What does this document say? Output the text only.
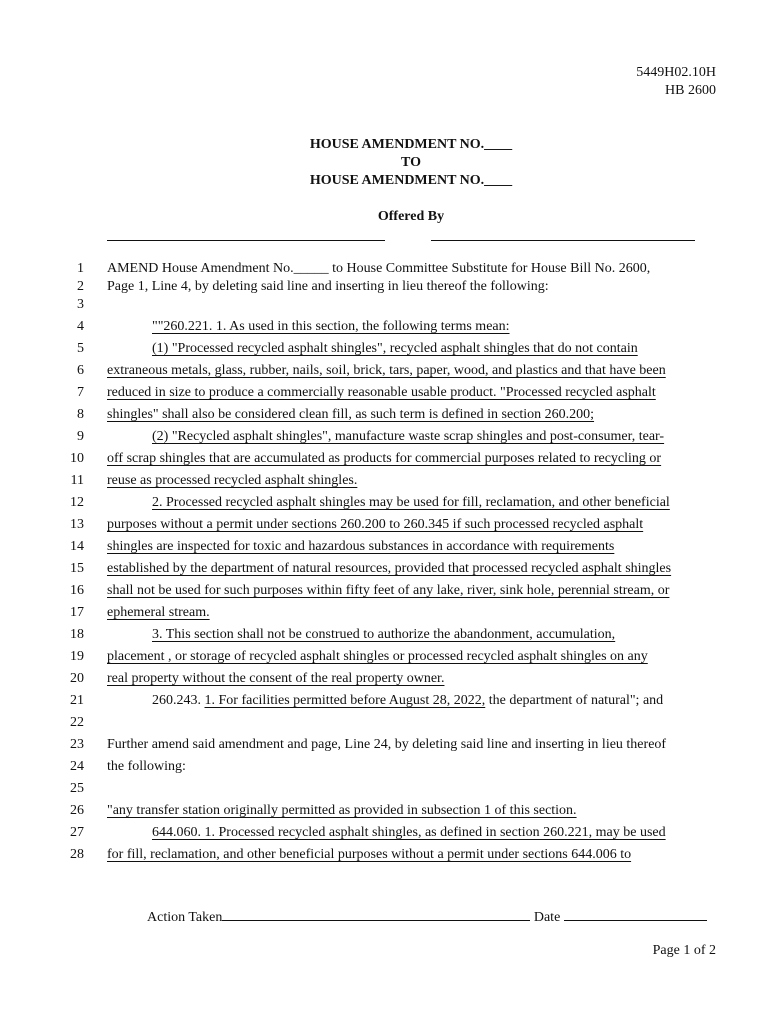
5449H02.10H
HB 2600
HOUSE AMENDMENT NO.____
TO
HOUSE AMENDMENT NO.____
Offered By
1 AMEND House Amendment No._____ to House Committee Substitute for House Bill No. 2600,
2 Page 1, Line 4, by deleting said line and inserting in lieu thereof the following:
3
4	""260.221. 1. As used in this section, the following terms mean:
5	(1) "Processed recycled asphalt shingles", recycled asphalt shingles that do not contain
6 extraneous metals, glass, rubber, nails, soil, brick, tars, paper, wood, and plastics and that have been
7 reduced in size to produce a commercially reasonable usable product. "Processed recycled asphalt
8 shingles" shall also be considered clean fill, as such term is defined in section 260.200;
9	(2) "Recycled asphalt shingles", manufacture waste scrap shingles and post-consumer, tear-
10 off scrap shingles that are accumulated as products for commercial purposes related to recycling or
11 reuse as processed recycled asphalt shingles.
12	2. Processed recycled asphalt shingles may be used for fill, reclamation, and other beneficial
13 purposes without a permit under sections 260.200 to 260.345 if such processed recycled asphalt
14 shingles are inspected for toxic and hazardous substances in accordance with requirements
15 established by the department of natural resources, provided that processed recycled asphalt shingles
16 shall not be used for such purposes within fifty feet of any lake, river, sink hole, perennial stream, or
17 ephemeral stream.
18	3. This section shall not be construed to authorize the abandonment, accumulation,
19 placement , or storage of recycled asphalt shingles or processed recycled asphalt shingles on any
20 real property without the consent of the real property owner.
21	260.243. 1. For facilities permitted before August 28, 2022, the department of natural"; and
22
23 Further amend said amendment and page, Line 24, by deleting said line and inserting in lieu thereof
24 the following:
25
26 "any transfer station originally permitted as provided in subsection 1 of this section.
27	644.060. 1. Processed recycled asphalt shingles, as defined in section 260.221, may be used
28 for fill, reclamation, and other beneficial purposes without a permit under sections 644.006 to
Action Taken	Date
Page 1 of 2
